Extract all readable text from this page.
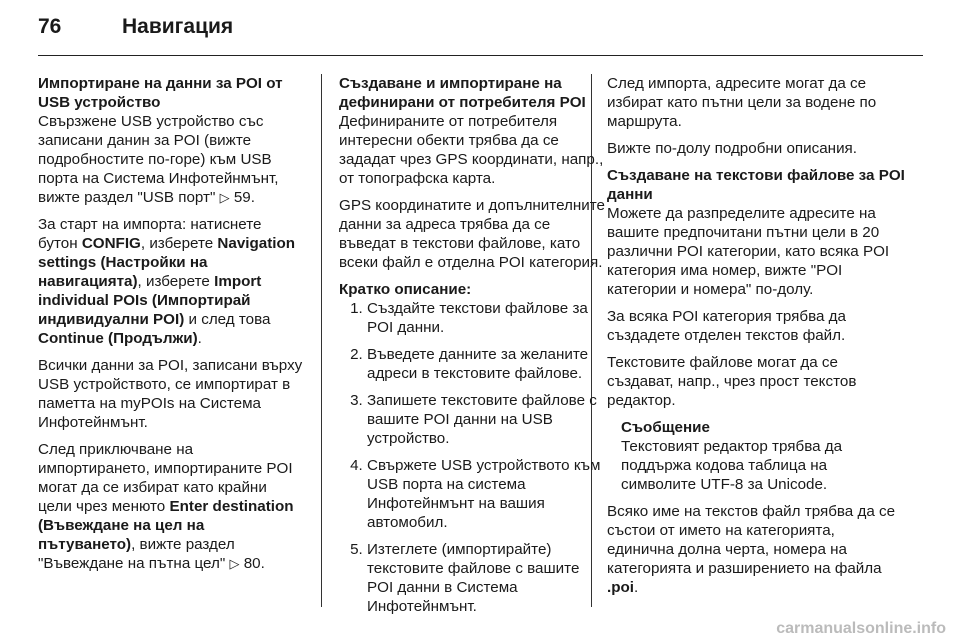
76	Навигация

Импортиране на данни за POI от USB устройство

Свързжене USB устройство със записани данин за POI (вижте подробностите по-горе) към USB порта на Система Инфотейнмънт, вижте раздел "USB порт" ▷ 59.

За старт на импорта: натиснете бутон CONFIG, изберете Navigation settings (Настройки на навигацията), изберете Import individual POIs (Импортирай индивидуални POI) и след това Continue (Продължи).

Всички данни за POI, записани върху USB устройството, се импортират в паметта на myPOIs на Система Инфотейнмънт.

След приключване на импортирането, импортираните POI могат да се избират като крайни цели чрез менюто Enter destination (Въвеждане на цел на пътуването), вижте раздел "Въвеждане на пътна цел" ▷ 80.

Създаване и импортиране на дефинирани от потребителя POI

Дефинираните от потребителя интересни обекти трябва да се зададат чрез GPS координати, напр., от топографска карта.

GPS координатите и допълнителните данни за адреса трябва да се въведат в текстови файлове, като всеки файл е отделна POI категория.

Кратко описание:

1. Създайте текстови файлове за POI данни.
2. Въведете данните за желаните адреси в текстовите файлове.
3. Запишете текстовите файлове с вашите POI данни на USB устройство.
4. Свържете USB устройството към USB порта на система Инфотейнмънт на вашия автомобил.
5. Изтеглете (импортирайте) текстовите файлове с вашите POI данни в Система Инфотейнмънт.

След импорта, адресите могат да се избират като пътни цели за водене по маршрута.

Вижте по-долу подробни описания.

Създаване на текстови файлове за POI данни

Можете да разпределите адресите на вашите предпочитани пътни цели в 20 различни POI категории, като всяка POI категория има номер, вижте "POI категории и номера" по-долу.

За всяка POI категория трябва да създадете отделен текстов файл.

Текстовите файлове могат да се създават, напр., чрез прост текстов редактор.

Съобщение
Текстовият редактор трябва да поддържа кодова таблица на символите UTF-8 за Unicode.

Всяко име на текстов файл трябва да се състои от името на категорията, единична долна черта, номера на категорията и разширението на файла .poi.

carmanualsonline.info
